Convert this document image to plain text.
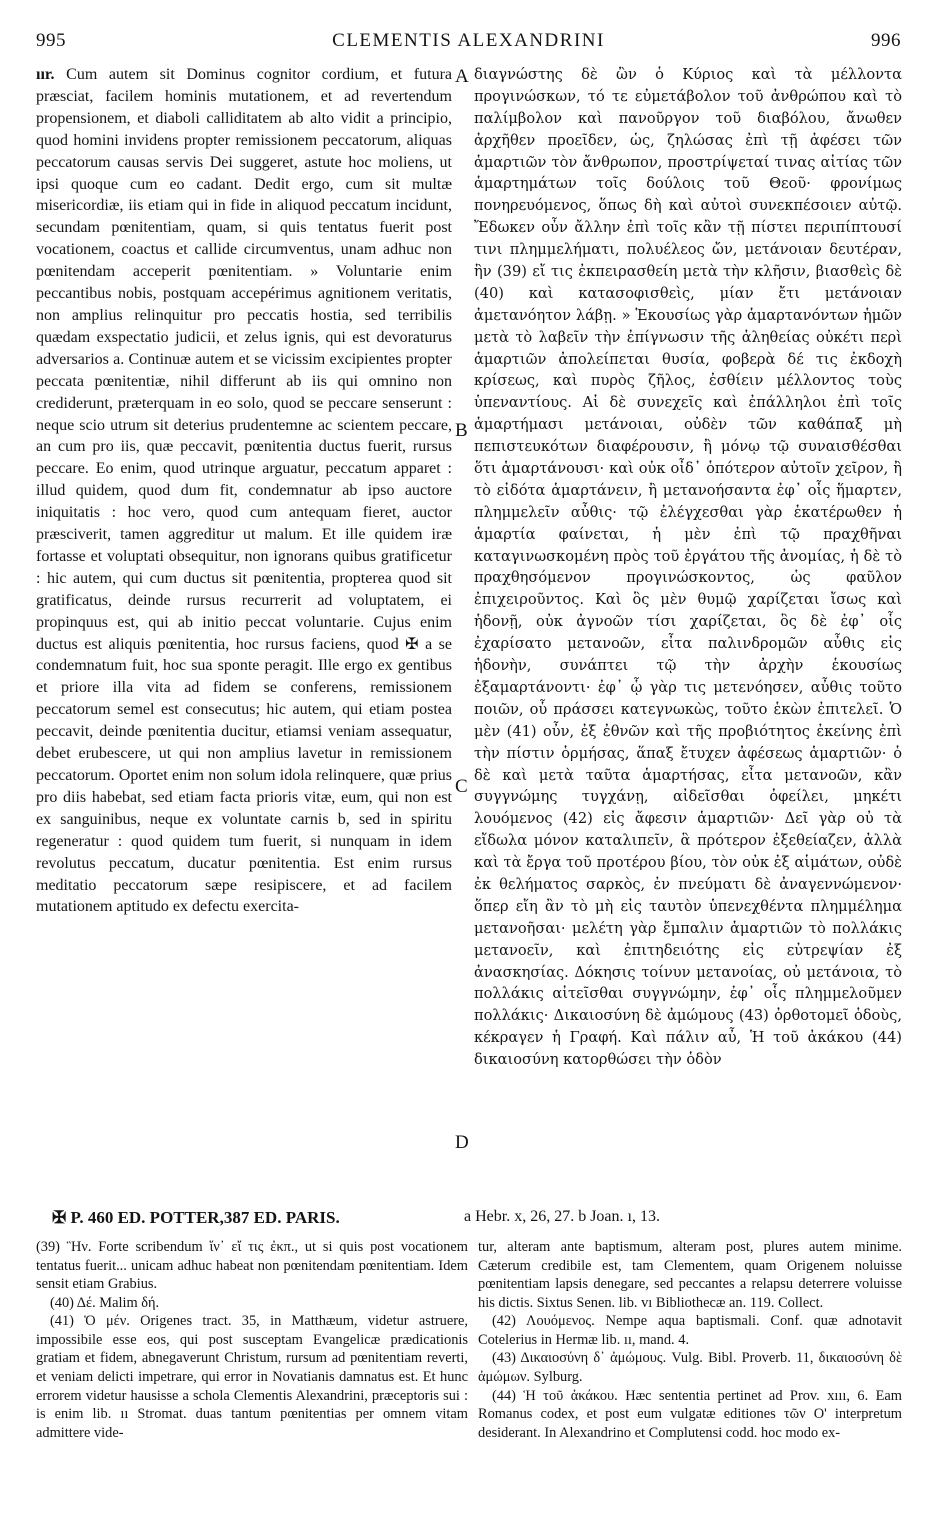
995	CLEMENTIS ALEXANDRINI	996

ıır. Cum autem sit Dominus cognitor cordium, et futura præsciat, facilem hominis mutationem, et ad revertendum propensionem, et diaboli calliditatem ab alto vidit a principio, quod homini invidens propter remissionem peccatorum, aliquas peccatorum causas servis Dei suggeret, astute hoc moliens, ut ipsi quoque cum eo cadant. Dedit ergo, cum sit multæ misericordiæ, iis etiam qui in fide in aliquod peccatum incidunt, secundam pœnitentiam, quam, si quis tentatus fuerit post vocationem, coactus et callide circumventus, unam adhuc non pœnitendam acceperit pœnitentiam. » Voluntarie enim peccantibus nobis, postquam accepérimus agnitionem veritatis, non amplius relinquitur pro peccatis hostia, sed terribilis quædam exspectatio judicii, et zelus ignis, qui est devoraturus adversarios a. Continuæ autem et se vicissim excipientes propter peccata pœnitentiæ, nihil differunt ab iis qui omnino non crediderunt, præterquam in eo solo, quod se peccare senserunt : neque scio utrum sit deterius prudentemne ac scientem peccare, an cum pro iis, quæ peccavit, pœnitentia ductus fuerit, rursus peccare. Eo enim, quod utrinque arguatur, peccatum apparet : illud quidem, quod dum fit, condemnatur ab ipso auctore iniquitatis : hoc vero, quod cum antequam fieret, auctor præsciverit, tamen aggreditur ut malum. Et ille quidem iræ fortasse et voluptati obsequitur, non ignorans quibus gratificetur : hic autem, qui cum ductus sit pœnitentia, propterea quod sit gratificatus, deinde rursus recurrerit ad voluptatem, ei propinquus est, qui ab initio peccat voluntarie. Cujus enim ductus est aliquis pœnitentia, hoc rursus faciens, quod ✠ a se condemnatum fuit, hoc sua sponte peragit. Ille ergo ex gentibus et priore illa vita ad fidem se conferens, remissionem peccatorum semel est consecutus; hic autem, qui etiam postea peccavit, deinde pœnitentia ducitur, etiamsi veniam assequatur, debet erubescere, ut qui non amplius lavetur in remissionem peccatorum. Oportet enim non solum idola relinquere, quæ prius pro diis habebat, sed etiam facta prioris vitæ, eum, qui non est ex sanguinibus, neque ex voluntate carnis b, sed in spiritu regeneratur : quod quidem tum fuerit, si nunquam in idem revolutus peccatum, ducatur pœnitentia. Est enim rursus meditatio peccatorum sæpe resipiscere, et ad facilem mutationem aptitudo ex defectu exercita-

A
B
C
D

διαγνώστης δὲ ὢν ὁ Κύριος καὶ τὰ μέλλοντα προγινώσκων, τό τε εὐμετάβολον τοῦ ἀνθρώπου καὶ τὸ παλίμβολον καὶ πανοῦργον τοῦ διαβόλου, ἄνωθεν ἀρχῆθεν προεῖδεν, ὡς, ζηλώσας ἐπὶ τῇ ἀφέσει τῶν ἁμαρτιῶν τὸν ἄνθρωπον, προστρίψεταί τινας αἰτίας τῶν ἁμαρτημάτων τοῖς δούλοις τοῦ Θεοῦ· φρονίμως πονηρευόμενος, ὅπως δὴ καὶ αὐτοὶ συνεκπέσοιεν αὐτῷ. Ἔδωκεν οὖν ἄλλην ἐπὶ τοῖς κἂν τῇ πίστει περιπίπτουσί τινι πλημμελήματι, πολυέλεος ὤν, μετάνοιαν δευτέραν, ἣν (39) εἴ τις ἐκπειρασθείη μετὰ τὴν κλῆσιν, βιασθεὶς δὲ (40) καὶ κατασοφισθεὶς, μίαν ἔτι μετάνοιαν ἀμετανόητον λάβῃ. » Ἑκουσίως γὰρ ἁμαρτανόντων ἡμῶν μετὰ τὸ λαβεῖν τὴν ἐπίγνωσιν τῆς ἀληθείας οὐκέτι περὶ ἁμαρτιῶν ἀπολείπεται θυσία, φοβερὰ δέ τις ἐκδοχὴ κρίσεως, καὶ πυρὸς ζῆλος, ἐσθίειν μέλλοντος τοὺς ὑπεναντίους. Αἱ δὲ συνεχεῖς καὶ ἐπάλληλοι ἐπὶ τοῖς ἁμαρτήμασι μετάνοιαι, οὐδὲν τῶν καθάπαξ μὴ πεπιστευκότων διαφέρουσιν, ἢ μόνῳ τῷ συναισθέσθαι ὅτι ἁμαρτάνουσι· καὶ οὐκ οἶδ᾽ ὁπότερον αὐτοῖν χεῖρον, ἢ τὸ εἰδότα ἁμαρτάνειν, ἢ μετανοήσαντα ἐφ᾽ οἷς ἥμαρτεν, πλημμελεῖν αὖθις· τῷ ἐλέγχεσθαι γὰρ ἑκατέρωθεν ἡ ἁμαρτία φαίνεται, ἡ μὲν ἐπὶ τῷ πραχθῆναι καταγινωσκομένη πρὸς τοῦ ἐργάτου τῆς ἀνομίας, ἡ δὲ τὸ πραχθησόμενον προγινώσκοντος, ὡς φαῦλον ἐπιχειροῦντος. Καὶ ὃς μὲν θυμῷ χαρίζεται ἴσως καὶ ἡδονῇ, οὐκ ἀγνοῶν τίσι χαρίζεται, ὃς δὲ ἐφ᾽ οἷς ἐχαρίσατο μετανοῶν, εἶτα παλινδρομῶν αὖθις εἰς ἡδονὴν, συνάπτει τῷ τὴν ἀρχὴν ἑκουσίως ἐξαμαρτάνοντι· ἐφ᾽ ᾧ γὰρ τις μετενόησεν, αὖθις τοῦτο ποιῶν, οὗ πράσσει κατεγνωκὼς, τοῦτο ἑκὼν ἐπιτελεῖ. Ὁ μὲν (41) οὖν, ἐξ ἐθνῶν καὶ τῆς προβιότητος ἐκείνης ἐπὶ τὴν πίστιν ὁρμήσας, ἅπαξ ἔτυχεν ἀφέσεως ἁμαρτιῶν· ὁ δὲ καὶ μετὰ ταῦτα ἁμαρτήσας, εἶτα μετανοῶν, κἂν συγγνώμης τυγχάνῃ, αἰδεῖσθαι ὀφείλει, μηκέτι λουόμενος (42) εἰς ἄφεσιν ἁμαρτιῶν· Δεῖ γὰρ οὐ τὰ εἴδωλα μόνον καταλιπεῖν, ἃ πρότερον ἐξεθείαζεν, ἀλλὰ καὶ τὰ ἔργα τοῦ προτέρου βίου, τὸν οὐκ ἐξ αἱμάτων, οὐδὲ ἐκ θελήματος σαρκὸς, ἐν πνεύματι δὲ ἀναγεννώμενον· ὅπερ εἴη ἂν τὸ μὴ εἰς ταυτὸν ὑπενεχθέντα πλημμέλημα μετανοῆσαι· μελέτη γὰρ ἔμπαλιν ἁμαρτιῶν τὸ πολλάκις μετανοεῖν, καὶ ἐπιτηδειότης εἰς εὐτρεψίαν ἐξ ἀνασκησίας. Δόκησις τοίνυν μετανοίας, οὐ μετάνοια, τὸ πολλάκις αἰτεῖσθαι συγγνώμην, ἐφ᾽ οἷς πλημμελοῦμεν πολλάκις· Δικαιοσύνη δὲ ἀμώμους (43) ὀρθοτομεῖ ὁδοὺς, κέκραγεν ἡ Γραφή. Καὶ πάλιν αὖ, Ἡ τοῦ ἀκάκου (44) δικαιοσύνη κατορθώσει τὴν ὁδὸν

✠ P. 460 ED. POTTER,387 ED. PARIS.	a Hebr. x, 26, 27. b Joan. ı, 13.

(39) Ἣν. Forte scribendum ἵν᾽ εἴ τις ἐκπ., ut si quis post vocationem tentatus fuerit... unicam adhuc habeat non pœnitendam pœnitentiam. Idem sensit etiam Grabius.

(40) Δέ. Malim δή.

(41) Ὁ μέν. Origenes tract. 35, in Matthæum, videtur astruere, impossibile esse eos, qui post susceptam Evangelicæ prædicationis gratiam et fidem, abnegaverunt Christum, rursum ad pœnitentiam reverti, et veniam delicti impetrare, qui error in Novatianis damnatus est. Et hunc errorem videtur hausisse a schola Clementis Alexandrini, præceptoris sui : is enim lib. ıı Stromat. duas tantum pœnitentias per omnem vitam admittere vide-

tur, alteram ante baptismum, alteram post, plures autem minime. Cæterum credibile est, tam Clementem, quam Origenem noluisse pœnitentiam lapsis denegare, sed peccantes a relapsu deterrere voluisse his dictis. Sixtus Senen. lib. vı Bibliothecæ an. 119. Collect.

(42) Λουόμενος. Nempe aqua baptismali. Conf. quæ adnotavit Cotelerius in Hermæ lib. ıı, mand. 4.

(43) Δικαιοσύνη δ᾽ ἀμώμους. Vulg. Bibl. Proverb. 11, δικαιοσύνη δὲ ἀμώμων. Sylburg.

(44) Ἡ τοῦ ἀκάκου. Hæc sententia pertinet ad Prov. xııı, 6. Eam Romanus codex, et post eum vulgatæ editiones τῶν Ο' interpretum desiderant. In Alexandrino et Complutensi codd. hoc modo ex-
